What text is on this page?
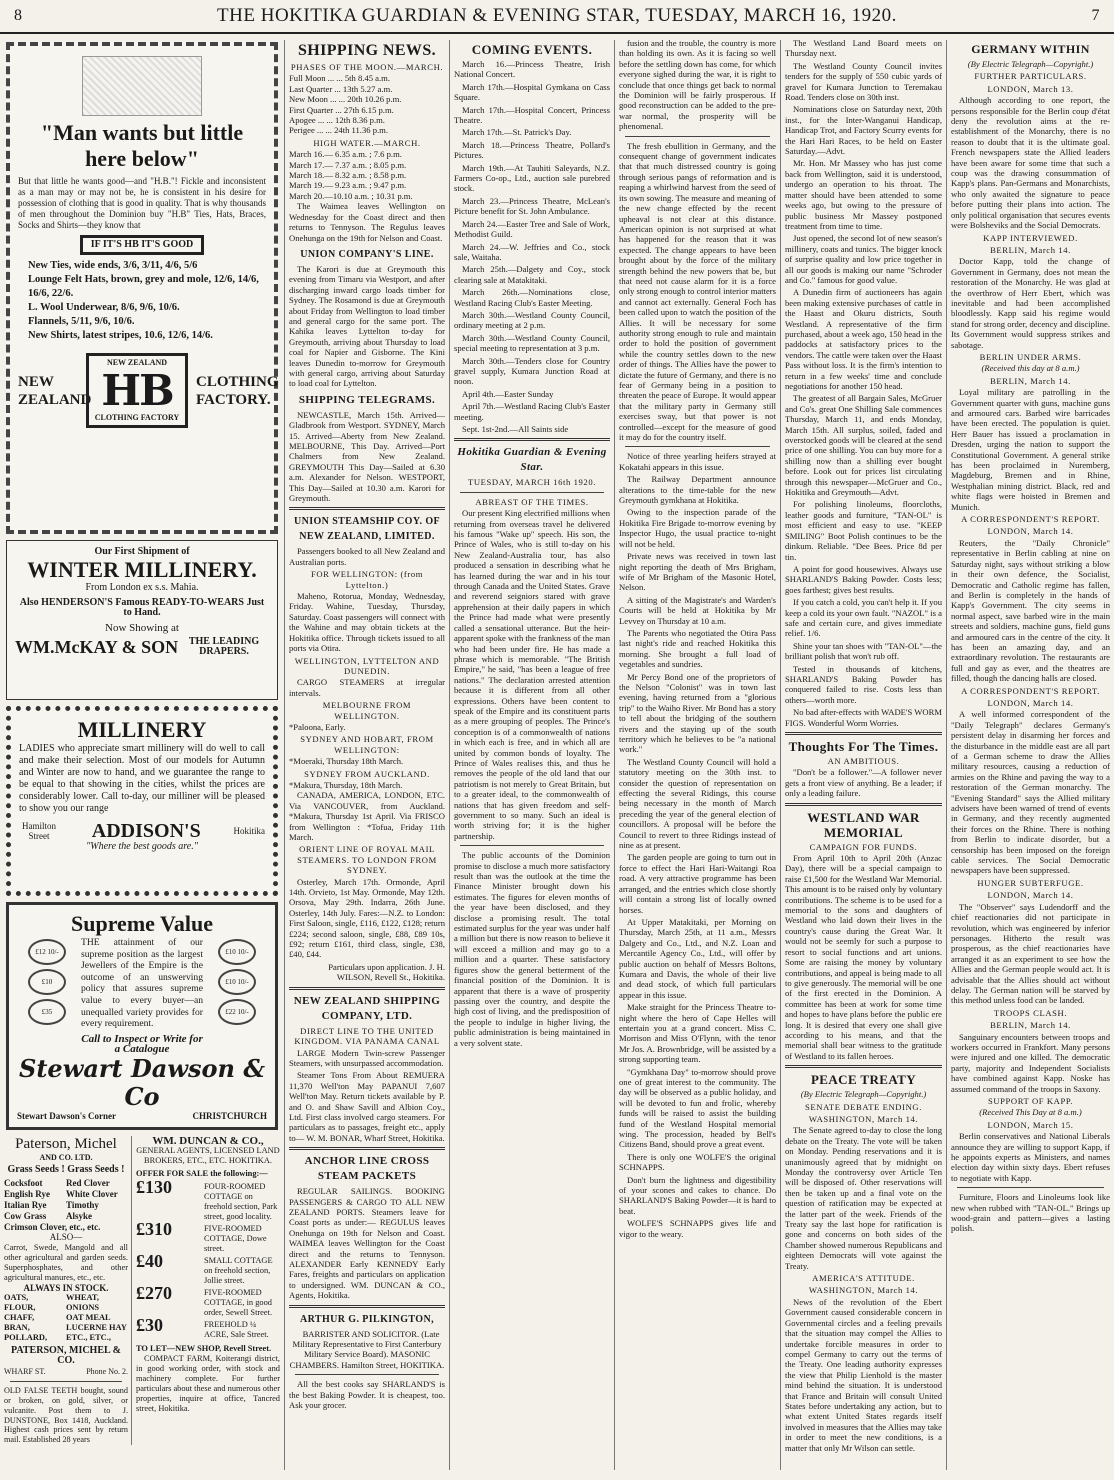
8	THE HOKITIKA GUARDIAN & EVENING STAR, TUESDAY, MARCH 16, 1920.	7
"Man wants but little here below"
But that little he wants good—and "H.B."! Fickle and inconsistent as a man may or may not be, he is consistent in his desire for possession of clothing that is good in quality. That is why thousands of men throughout the Dominion buy "H.B" Ties, Hats, Braces, Socks and Shirts—they know that
IF IT'S HB IT'S GOOD
New Ties, wide ends, 3/6, 3/11, 4/6, 5/6
Lounge Felt Hats, brown, grey and mole, 12/6, 14/6, 16/6, 22/6.
L. Wool Underwear, 8/6, 9/6, 10/6.
Flannels, 5/11, 9/6, 10/6.
New Shirts, latest stripes, 10.6, 12/6, 14/6.
NEW ZEALAND
NEW ZEALAND
HB
CLOTHING FACTORY
CLOTHING FACTORY.
Our First Shipment of
WINTER MILLINERY.
From London ex s.s. Mahia.
Also HENDERSON'S Famous READY-TO-WEARS Just to Hand.
Now Showing at
WM.McKAY & SON	THE LEADING DRAPERS.
MILLINERY
LADIES who appreciate smart millinery will do well to call and make their selection. Most of our models for Autumn and Winter are now to hand, and we guarantee the range to be equal to that showing in the cities, whilst the prices are considerably lower. Call to-day, our milliner will be pleased to show you our range
Hamilton Street	ADDISON'S	Hokitika
"Where the best goods are."
Supreme Value
£12 10/- £10 £35
THE attainment of our supreme position as the largest Jewellers of the Empire is the outcome of an unswerving policy that assures supreme value to every buyer—an unequalled variety provides for every requirement.
Call to Inspect or Write for a Catalogue
£10 10/- £10 10/- £22 10/-
Stewart Dawson & Co
Stewart Dawson's Corner	CHRISTCHURCH
Paterson, Michel
AND CO. LTD.
Grass Seeds ! Grass Seeds !
Cocksfoot	Red Clover
English Rye	White Clover
Italian Rye	Timothy
Cow Grass	Alsyke
Crimson Clover, etc., etc.
ALSO—
Carrot, Swede, Mangold and all other agricultural and garden seeds. Superphosphates, and other agricultural manures, etc., etc.
ALWAYS IN STOCK.
OATS,	WHEAT,
FLOUR,	ONIONS
CHAFF,	OAT MEAL
BRAN,	LUCERNE HAY
POLLARD,	ETC., ETC.,
PATERSON, MICHEL & CO.
WHARF ST.	Phone No. 2.
OLD FALSE TEETH bought, sound or broken, on gold, silver, or vulcanite. Post them to J. DUNSTONE, Box 1418, Auckland. Highest cash prices sent by return mail. Established 28 years
WM. DUNCAN & CO.,
GENERAL AGENTS, LICENSED LAND BROKERS, ETC., ETC. HOKITIKA.
OFFER FOR SALE the following:—
£130	FOUR-ROOMED COTTAGE on freehold section, Park street, good locality.
£310	FIVE-ROOMED COTTAGE, Dowe street.
£40	SMALL COTTAGE on freehold section, Jollie street.
£270	FIVE-ROOMED COTTAGE, in good order, Sewell Street.
£30	FREEHOLD ¼ ACRE, Sale Street.
TO LET—NEW SHOP, Revell Street.
COMPACT FARM, Koiterangi district, in good working order, with stock and machinery complete. For further particulars about these and numerous other properties, inquire at office, Tancred street, Hokitika.
SHIPPING NEWS.
PHASES OF THE MOON.—MARCH.
Full Moon ... ... 5th 8.45 a.m.
Last Quarter ... 13th 5.27 a.m.
New Moon ... ... 20th 10.26 p.m.
First Quarter ... 27th 6.15 p.m.
Apogee ... ... 12th 8.36 p.m.
Perigee ... ... 24th 11.36 p.m.
HIGH WATER.—MARCH.
March 16.— 6.35 a.m. ; 7.6 p.m.
March 17.— 7.37 a.m. ; 8.05 p.m.
March 18.— 8.32 a.m. ; 8.58 p.m.
March 19.— 9.23 a.m. ; 9.47 p.m.
March 20.—10.10 a.m. ; 10.31 p.m.

The Waimea leaves Wellington on Wednesday for the Coast direct and then returns to Tennyson. The Regulus leaves Onehunga on the 19th for Nelson and Coast.

UNION COMPANY'S LINE.

The Karori is due at Greymouth this evening from Timaru via Westport, and after discharging inward cargo loads timber for Sydney. The Rosamond is due at Greymouth about Friday from Wellington to load timber and general cargo for the same port. The Kahika leaves Lyttelton to-day for Greymouth, arriving about Thursday to load coal for Napier and Gisborne. The Kini leaves Dunedin to-morrow for Greymouth with general cargo, arriving about Saturday to load coal for Lyttelton.

SHIPPING TELEGRAMS.

NEWCASTLE, March 15th. Arrived—Gladbrook from Westport. SYDNEY, March 15. Arrived—Aberty from New Zealand. MELBOURNE, This Day. Arrived—Port Chalmers from New Zealand. GREYMOUTH This Day—Sailed at 6.30 a.m. Alexander for Nelson. WESTPORT, This Day—Sailed at 10.30 a.m. Karori for Greymouth.

UNION STEAMSHIP COY. OF NEW ZEALAND, LIMITED.

Passengers booked to all New Zealand and Australian ports.

FOR WELLINGTON: (from Lyttelton.)

Maheno, Rotorua, Monday, Wednesday, Friday. Wahine, Tuesday, Thursday, Saturday. Coast passengers will connect with the Wahine and may obtain tickets at the Hokitika office. Through tickets issued to all ports via Otira.

WELLINGTON, LYTTELTON AND DUNEDIN.

CARGO STEAMERS at irregular intervals.

MELBOURNE FROM WELLINGTON.
*Paloona, Early.
SYDNEY AND HOBART, FROM WELLINGTON:
*Moeraki, Thursday 18th March.
SYDNEY FROM AUCKLAND.
*Makura, Thursday, 18th March.

CANADA, AMERICA, LONDON, ETC. Via VANCOUVER, from Auckland. *Makura, Thursday 1st April. Via FRISCO from Wellington : *Tofua, Friday 11th March.

ORIENT LINE OF ROYAL MAIL STEAMERS. TO LONDON FROM SYDNEY.

Osterley, March 17th. Ormonde, April 14th. Orvieto, 1st May. Ormonde, May 12th. Orsova, May 29th. Indarra, 26th June. Osterley, 14th July. Fares:—N.Z. to London: First Saloon, single, £116, £122, £128; return £224; second saloon, single, £88, £89 10s, £92; return £161, third class, single, £38, £40, £44.

Particulars upon application. J. H. WILSON, Revell St., Hokitika.

NEW ZEALAND SHIPPING COMPANY, LTD.
DIRECT LINE TO THE UNITED KINGDOM. VIA PANAMA CANAL

LARGE Modern Twin-screw Passenger Steamers, with unsurpassed accommodation.

Steamer Tons From About REMUERA 11,370 Well'ton May PAPANUI 7,607 Well'ton May. Return tickets available by P. and O. and Shaw Savill and Albion Coy., Ltd. First class involved cargo steamers. For particulars as to passages, freight etc., apply to— W. M. BONAR, Wharf Street, Hokitika.

ANCHOR LINE CROSS STEAM PACKETS

REGULAR SAILINGS. BOOKING PASSENGERS & CARGO TO ALL NEW ZEALAND PORTS. Steamers leave for Coast ports as under:— REGULUS leaves Onehunga on 19th for Nelson and Coast. WAIMEA leaves Wellington for the Coast direct and the returns to Tennyson. ALEXANDER Early KENNEDY Early Fares, freights and particulars on application to undersigned. WM. DUNCAN & CO., Agents, Hokitika.

ARTHUR G. PILKINGTON,

BARRISTER AND SOLICITOR. (Late Military Representative to First Canterbury Military Service Board). MASONIC CHAMBERS. Hamilton Street, HOKITIKA.

All the best cooks say SHARLAND'S is the best Baking Powder. It is cheapest, too. Ask your grocer.

COMING EVENTS.

March 16.—Princess Theatre, Irish National Concert.

March 17th.—Hospital Gymkana on Cass Square.

March 17th.—Hospital Concert, Princess Theatre.

March 17th.—St. Patrick's Day.

March 18.—Princess Theatre, Pollard's Pictures.

March 19th.—At Tauhiti Saleyards, N.Z. Farmers Co-op., Ltd., auction sale purebred stock.

March 23.—Princess Theatre, McLean's Picture benefit for St. John Ambulance.

March 24.—Easter Tree and Sale of Work, Methodist Guild.

March 24.—W. Jeffries and Co., stock sale, Waitaha.

March 25th.—Dalgety and Coy., stock clearing sale at Matakitaki.

March 26th.—Nominations close, Westland Racing Club's Easter Meeting.

March 30th.—Westland County Council, ordinary meeting at 2 p.m.

March 30th.—Westland County Council, special meeting to representation at 3 p.m.

March 30th.—Tenders close for Country gravel supply, Kumara Junction Road at noon.

April 4th.—Easter Sunday

April 7th.—Westland Racing Club's Easter meeting.

Sept. 1st-2nd.—All Saints side

Hokitika Guardian & Evening Star.
TUESDAY, MARCH 16th 1920.
ABREAST OF THE TIMES.

Our present King electrified millions when returning from overseas travel he delivered his famous "Wake up" speech. His son, the Prince of Wales, who is still to-day on his New Zealand-Australia tour, has also produced a sensation in describing what he has learned during the war and in his tour through Canada and the United States. Grave and reverend seigniors stared with grave apprehension at their daily papers in which the Prince had made what were presently called a sensational utterance. But the heir-apparent spoke with the frankness of the man who had been under fire. He has made a phrase which is memorable. "The British Empire," he said, "has been a league of free nations." The declaration arrested attention because it is different from all other expressions. Others have been content to speak of the Empire and its constituent parts as a mere grouping of peoples. The Prince's conception is of a commonwealth of nations in which each is free, and in which all are united by common bonds of loyalty. The Prince of Wales realises this, and thus he removes the people of the old land that our patriotism is not merely to Great Britain, but to a greater ideal, to the commonwealth of nations that has given freedom and self-government to so many. Such an ideal is worth striving for; it is the higher partnership.

The public accounts of the Dominion promise to disclose a much more satisfactory result than was the outlook at the time the Finance Minister brought down his estimates. The figures for eleven months of the year have been disclosed, and they disclose a promising result. The total estimated surplus for the year was under half a million but there is now reason to believe it will exceed a million and may go to a million and a quarter. These satisfactory figures show the general betterment of the financial position of the Dominion. It is apparent that there is a wave of prosperity passing over the country, and despite the high cost of living, and the predisposition of the people to indulge in higher living, the public administration is being maintained in a very solvent state.

fusion and the trouble, the country is more than holding its own. As it is facing so well before the settling down has come, for which everyone sighed during the war, it is right to conclude that once things get back to normal the Dominion will be fairly prosperous. If good reconstruction can be added to the pre-war normal, the prosperity will be phenomenal.

The fresh ebullition in Germany, and the consequent change of government indicates that that much distressed country is going through serious pangs of reformation and is reaping a whirlwind harvest from the seed of its own sowing. The measure and meaning of the new change effected by the recent upheaval is not clear at this distance. American opinion is not surprised at what has happened for the reason that it was expected. The change appears to have been brought about by the force of the military strength behind the new powers that be, but that need not cause alarm for it is a force only strong enough to control interior matters and cannot act externally. General Foch has been called upon to watch the position of the Allies. It will be necessary for some authority strong enough to rule and maintain order to hold the position of government while the country settles down to the new order of things. The Allies have the power to dictate the future of Germany, and there is no fear of Germany being in a position to threaten the peace of Europe. It would appear that the military party in Germany still exercises sway, but that power is not controlled—except for the measure of good it may do for the country itself.

Notice of three yearling heifers strayed at Kokatahi appears in this issue.

The Railway Department announce alterations to the time-table for the new Greymouth gymkhana at Hokitika.

Owing to the inspection parade of the Hokitika Fire Brigade to-morrow evening by Inspector Hugo, the usual practice to-night will not be held.

Private news was received in town last night reporting the death of Mrs Brigham, wife of Mr Brigham of the Masonic Hotel, Nelson.

A sitting of the Magistrate's and Warden's Courts will be held at Hokitika by Mr Levvey on Thursday at 10 a.m.

The Parents who negotiated the Otira Pass last night's ride and reached Hokitika this morning. She brought a full load of vegetables and sundries.

Mr Percy Bond one of the proprietors of the Nelson "Colonist" was in town last evening, having returned from a "glorious trip" to the Waiho River. Mr Bond has a story to tell about the bridging of the southern rivers and the staying up of the south territory which he believes to be "a national work."

The Westland County Council will hold a statutory meeting on the 30th inst. to consider the question of representation on effecting the several Ridings, this course being necessary in the month of March preceding the year of the general election of councillors. A proposal will be before the Council to revert to three Ridings instead of nine as at present.

The garden people are going to turn out in force to effect the Hari Hari-Waitangi Roa road. A very attractive programme has been arranged, and the entries which close shortly will contain a strong list of locally owned horses.

At Upper Matakitaki, per Morning on Thursday, March 25th, at 11 a.m., Messrs Dalgety and Co., Ltd., and N.Z. Loan and Mercantile Agency Co., Ltd., will offer by public auction on behalf of Messrs Boltons, Kumara and Davis, the whole of their live and dead stock, of which full particulars appear in this issue.

Make straight for the Princess Theatre to-night where the hero of Cape Helles will entertain you at a grand concert. Miss C. Morrison and Miss O'Flynn, with the tenor Mr Jos. A. Brownbridge, will be assisted by a strong supporting team.

"Gymkhana Day" to-morrow should prove one of great interest to the community. The day will be observed as a public holiday, and will be devoted to fun and frolic, whereby funds will be raised to assist the building fund of the Westland Hospital memorial wing. The procession, headed by Bell's Citizens Band, should prove a great event.

There is only one WOLFE'S the original SCHNAPPS.

Don't burn the lightness and digestibility of your scones and cakes to chance. Do SHARLAND'S Baking Powder—it is hard to beat.

WOLFE'S SCHNAPPS gives life and vigor to the weary.

The Westland Land Board meets on Thursday next.

The Westland County Council invites tenders for the supply of 550 cubic yards of gravel for Kumara Junction to Teremakau Road. Tenders close on 30th inst.

Nominations close on Saturday next, 20th inst., for the Inter-Wanganui Handicap, Handicap Trot, and Factory Scurry events for the Hari Hari Races, to be held on Easter Saturday.—Advt.

Mr. Hon. Mr Massey who has just come back from Wellington, said it is understood, undergo an operation to his throat. The matter should have been attended to some weeks ago, but owing to the pressure of public business Mr Massey postponed treatment from time to time.

Just opened, the second lot of new season's millinery, coats and tunics. The bigger knock of surprise quality and low price together in all our goods is making our name "Schroder and Co." famous for good value.

A Dunedin firm of auctioneers has again been making extensive purchases of cattle in the Haast and Okuru districts, South Westland. A representative of the firm purchased, about a week ago, 150 head in the paddocks at satisfactory prices to the vendors. The cattle were taken over the Haast Pass without loss. It is the firm's intention to return in a few weeks' time and conclude negotiations for another 150 head.

The greatest of all Bargain Sales, McGruer and Co's. great One Shilling Sale commences Thursday, March 11, and ends Monday, March 15th. All surplus, soiled, faded and overstocked goods will be cleared at the send price of one shilling. You can buy more for a shilling now than a shilling ever bought before. Look out for prices list circulating through this newspaper—McGruer and Co., Hokitika and Greymouth—Advt.

For polishing linoleums, floorcloths, leather goods and furniture, "TAN-OL" is most efficient and easy to use. "KEEP SMILING" Boot Polish continues to be the dinkum. Reliable. "Dee Bees. Price 8d per tin.

A point for good housewives. Always use SHARLAND'S Baking Powder. Costs less; goes farthest; gives best results.

If you catch a cold, you can't help it. If you keep a cold its your own fault. "NAZOL" is a safe and certain cure, and gives immediate relief. 1/6.

Shine your tan shoes with "TAN-OL"—the brilliant polish that won't rub off.

Tested in thousands of kitchens, SHARLAND'S Baking Powder has conquered failed to rise. Costs less than others—worth more.

No bad after-effects with WADE'S WORM FIGS. Wonderful Worm Worries.

Thoughts For The Times.
AN AMBITIOUS.

"Don't be a follower."—A follower never gets a front view of anything. Be a leader; if only a leading failure.

WESTLAND WAR MEMORIAL
CAMPAIGN FOR FUNDS.

From April 10th to April 20th (Anzac Day), there will be a special campaign to raise £1,500 for the Westland War Memorial. This amount is to be raised only by voluntary contributions. The scheme is to be used for a memorial to the sons and daughters of Westland who laid down their lives in the country's cause during the Great War. It would not be seemly for such a purpose to resort to social functions and art unions. Some are raising the money by voluntary contributions, and appeal is being made to all to give generously. The memorial will be one of the first erected in the Dominion. A committee has been at work for some time and hopes to have plans before the public ere long. It is desired that every one shall give according to his means, and that the memorial shall bear witness to the gratitude of Westland to its fallen heroes.

PEACE TREATY
(By Electric Telegraph—Copyright.)
SENATE DEBATE ENDING.
WASHINGTON, March 14.

The Senate agreed to-day to close the long debate on the Treaty. The vote will be taken on Monday. Pending reservations and it is unanimously agreed that by midnight on Monday the controversy over Article Ten will be disposed of. Other reservations will then be taken up and a final vote on the question of ratification may be expected at the latter part of the week. Friends of the Treaty say the last hope for ratification is gone and concerns on both sides of the Chamber showed numerous Republicans and eighteen Democrats will vote against the Treaty.

AMERICA'S ATTITUDE.
WASHINGTON, March 14.

News of the revolution of the Ebert Government caused considerable concern in Governmental circles and a feeling prevails that the situation may compel the Allies to undertake forcible measures in order to compel Germany to carry out the terms of the Treaty. One leading authority expresses the view that Philip Lienhold is the master mind behind the situation. It is understood that France and Britain will consult United States before undertaking any action, but to what extent United States regards itself involved in measures that the Allies may take in order to meet the new conditions, is a matter that only Mr Wilson can settle.

GERMANY WITHIN
(By Electric Telegraph—Copyright.)
FURTHER PARTICULARS.
LONDON, March 13.

Although according to one report, the persons responsible for the Berlin coup d'état deny the revolution aims at the re-establishment of the Monarchy, there is no reason to doubt that it is the ultimate goal. French newspapers state the Allied leaders have been aware for some time that such a coup was the drawing consummation of Kapp's plans. Pan-Germans and Monarchists, who only awaited the signature to peace before putting their plans into action. The only political organisation that secures events were Bolsheviks and the Social Democrats.

KAPP INTERVIEWED.
BERLIN, March 14.

Doctor Kapp, told the change of Government in Germany, does not mean the restoration of the Monarchy. He was glad at the overthrow of Herr Ebert, which was inevitable and had been accomplished bloodlessly. Kapp said his regime would stand for strong order, decency and discipline. Its Government would suppress strikes and sabotage.

BERLIN UNDER ARMS.
(Received this day at 8 a.m.)
BERLIN, March 14.

Loyal military are patrolling in the Government quarter with guns, machine guns and armoured cars. Barbed wire barricades have been erected. The population is quiet. Herr Bauer has issued a proclamation in Dresden, urging the nation to support the Constitutional Government. A general strike has been proclaimed in Nuremberg, Magdeburg, Bremen and in Rhine, Westphalian mining district. Black, red and white flags were hoisted in Bremen and Munich.

A CORRESPONDENT'S REPORT.
LONDON, March 14.

Reuters, the "Daily Chronicle" representative in Berlin cabling at nine on Saturday night, says without striking a blow in their own defence, the Socialist, Democratic and Catholic regime has fallen, and Berlin is completely in the hands of Kapp's Government. The city seems in normal aspect, save barbed wire in the main streets and soldiers, machine guns, field guns and armoured cars in the centre of the city. It has been an amazing day, and an extraordinary revolution. The restaurants are full and gay as ever, and the theatres are filled, though the dancing halls are closed.

A CORRESPONDENT'S REPORT.
LONDON, March 14.

A well informed correspondent of the "Daily Telegraph" declares Germany's persistent delay in disarming her forces and the disturbance in the middle east are all part of a German scheme to draw the Allies military resources, causing a reduction of armies on the Rhine and paving the way to a restoration of the German monarchy. The "Evening Standard" says the Allied military advisers have been warned of trend of events in Germany, and they recently augmented their forces on the Rhine. There is nothing from Berlin to indicate disorder, but a censorship has been imposed on the foreign cable services. The Social Democratic newspapers have been suppressed.

HUNGER SUBTERFUGE.
LONDON, March 14.

The "Observer" says Ludendorff and the chief reactionaries did not participate in revolution, which was engineered by inferior personages. Hitherto the result was prosperous, as the chief reactionaries have arranged it as an experiment to see how the Allies and the German people would act. It is advisable that the Allies should act without delay. The German nation will be starved by this method unless food can be landed.

TROOPS CLASH.
BERLIN, March 14.

Sanguinary encounters between troops and workers occurred in Frankfort. Many persons were injured and one killed. The democratic party, majority and Independent Socialists have combined against Kapp. Noske has assumed command of the troops in Saxony.

SUPPORT OF KAPP.
(Received This Day at 8 a.m.)
LONDON, March 15.

Berlin conservatives and National Liberals announce they are willing to support Kapp, if he appoints experts as Ministers, and names election day within sixty days. Ebert refuses to negotiate with Kapp.

Furniture, Floors and Linoleums look like new when rubbed with "TAN-OL." Brings up wood-grain and pattern—gives a lasting polish.
